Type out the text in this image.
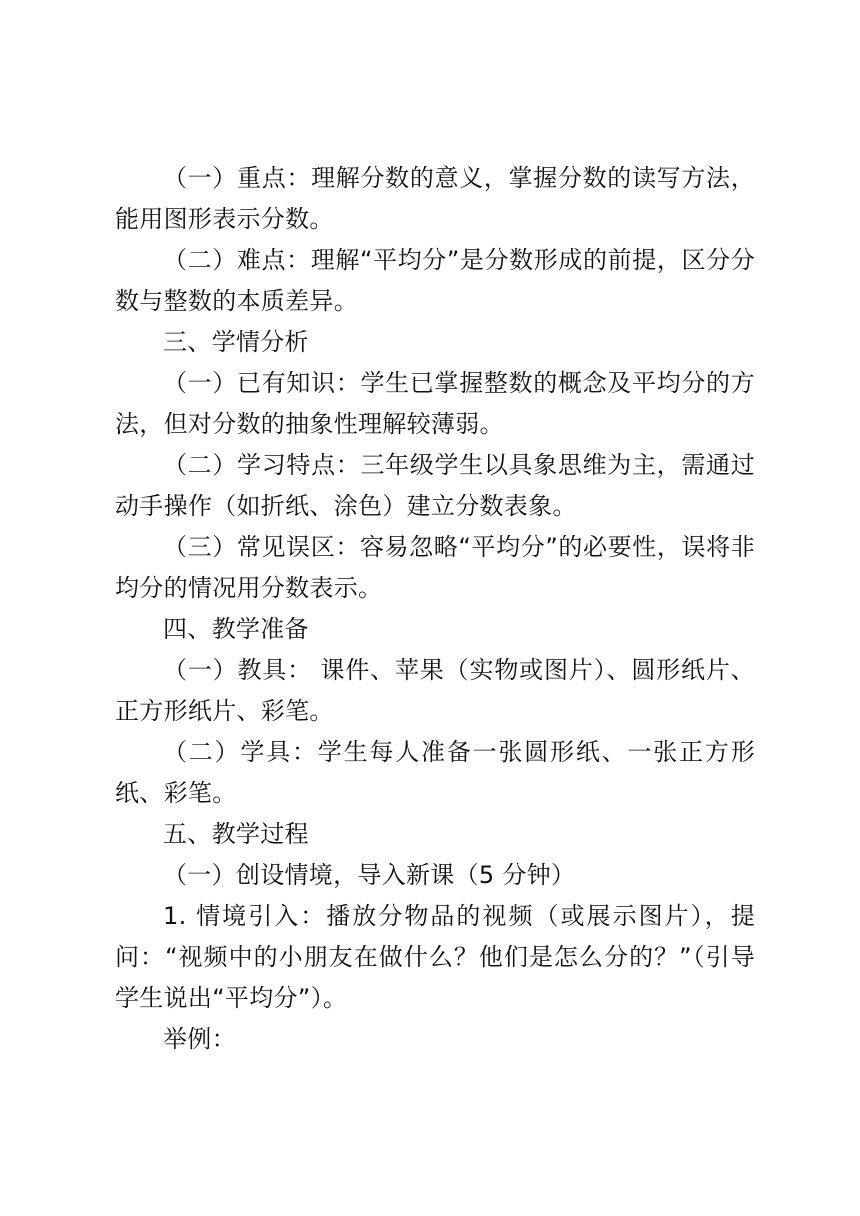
（一）重点：理解分数的意义，掌握分数的读写方法，能用图形表示分数。

（二）难点：理解“平均分”是分数形成的前提，区分分数与整数的本质差异。

三、学情分析

（一）已有知识：学生已掌握整数的概念及平均分的方法，但对分数的抽象性理解较薄弱。

（二）学习特点：三年级学生以具象思维为主，需通过动手操作（如折纸、涂色）建立分数表象。

（三）常见误区：容易忽略“平均分”的必要性，误将非均分的情况用分数表示。

四、教学准备

（一）教具： 课件、苹果（实物或图片）、圆形纸片、正方形纸片、彩笔。

（二）学具：学生每人准备一张圆形纸、一张正方形纸、彩笔。

五、教学过程

（一）创设情境，导入新课（5 分钟）

1. 情境引入：播放分物品的视频（或展示图片），提问：“视频中的小朋友在做什么？他们是怎么分的？”（引导学生说出“平均分”）。

举例：
